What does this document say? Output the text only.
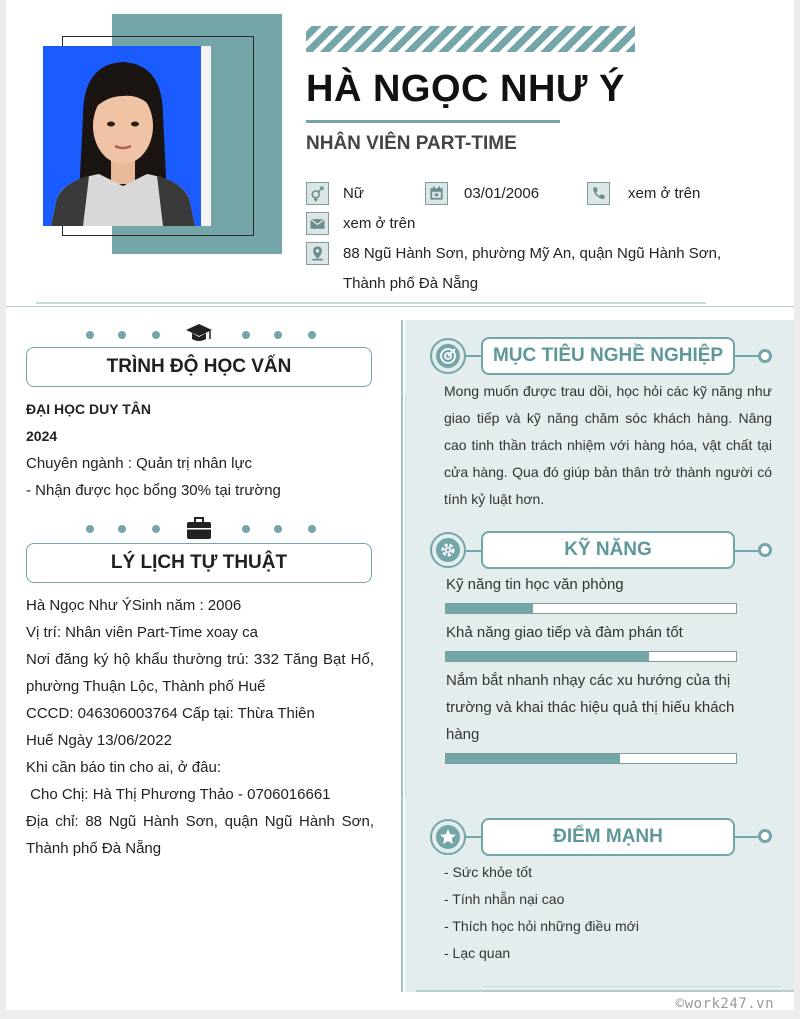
HÀ NGỌC NHƯ Ý
NHÂN VIÊN PART-TIME
Nữ	03/01/2006	xem ở trên
xem ở trên
88 Ngũ Hành Sơn, phường Mỹ An, quận Ngũ Hành Sơn, Thành phố Đà Nẵng
TRÌNH ĐỘ HỌC VẤN
ĐẠI HỌC DUY TÂN
2024
Chuyên ngành : Quản trị nhân lực
- Nhận được học bổng 30% tại trường
LÝ LỊCH TỰ THUẬT
Hà Ngọc Như ÝSinh năm : 2006
Vị trí: Nhân viên Part-Time xoay ca
Nơi đăng ký hộ khẩu thường trú: 332 Tăng Bạt Hổ, phường Thuận Lộc, Thành phố Huế
CCCD: 046306003764 Cấp tại: Thừa Thiên Huế Ngày 13/06/2022
Khi cần báo tin cho ai, ở đâu:
Cho Chị: Hà Thị Phương Thảo - 0706016661
Địa chỉ: 88 Ngũ Hành Sơn, quận Ngũ Hành Sơn, Thành phố Đà Nẵng
MỤC TIÊU NGHỀ NGHIỆP
Mong muốn được trau dồi, học hỏi các kỹ năng như giao tiếp và kỹ năng chăm sóc khách hàng. Nâng cao tinh thần trách nhiệm với hàng hóa, vật chất tại cửa hàng. Qua đó giúp bản thân trở thành người có tính kỷ luật hơn.
KỸ NĂNG
Kỹ năng tin học văn phòng
Khả năng giao tiếp và đàm phán tốt
Nắm bắt nhanh nhạy các xu hướng của thị trường và khai thác hiệu quả thị hiếu khách hàng
ĐIỂM MẠNH
- Sức khỏe tốt
- Tính nhẫn nại cao
- Thích học hỏi những điều mới
- Lạc quan
©work247.vn
